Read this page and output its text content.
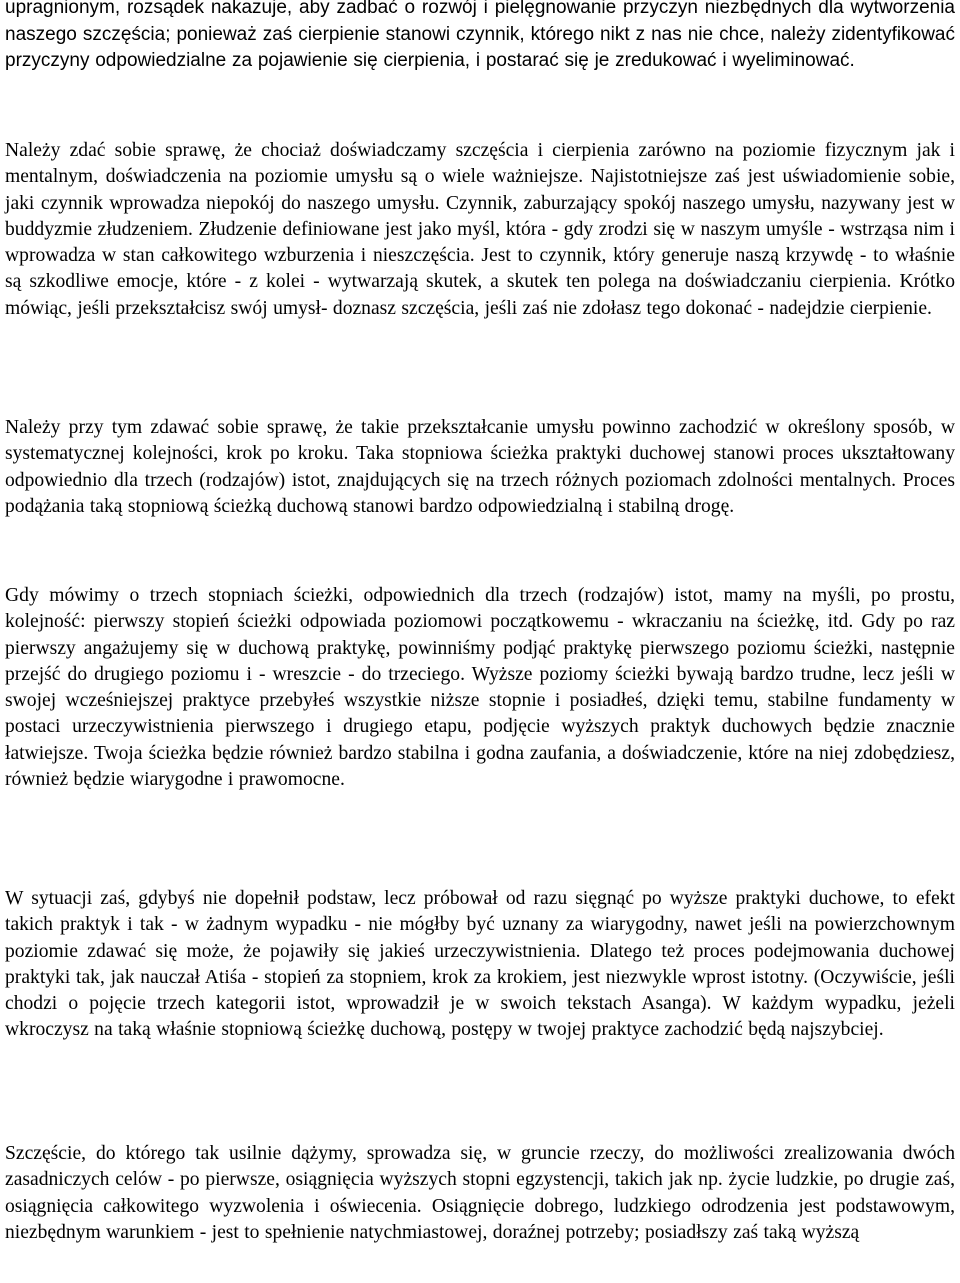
upragnionym, rozsądek nakazuje, aby zadbać o rozwój i pielęgnowanie przyczyn niezbędnych dla wytworzenia naszego szczęścia; ponieważ zaś cierpienie stanowi czynnik, którego nikt z nas nie chce, należy zidentyfikować przyczyny odpowiedzialne za pojawienie się cierpienia, i postarać się je zredukować i wyeliminować.

Należy zdać sobie sprawę, że chociaż doświadczamy szczęścia i cierpienia zarówno na poziomie fizycznym jak i mentalnym, doświadczenia na poziomie umysłu są o wiele ważniejsze. Najistotniejsze zaś jest uświadomienie sobie, jaki czynnik wprowadza niepokój do naszego umysłu. Czynnik, zaburzający spokój naszego umysłu, nazywany jest w buddyzmie złudzeniem. Złudzenie definiowane jest jako myśl, która - gdy zrodzi się w naszym umyśle - wstrząsa nim i wprowadza w stan całkowitego wzburzenia i nieszczęścia. Jest to czynnik, który generuje naszą krzywdę - to właśnie są szkodliwe emocje, które - z kolei - wytwarzają skutek, a skutek ten polega na doświadczaniu cierpienia. Krótko mówiąc, jeśli przekształcisz swój umysł- doznasz szczęścia, jeśli zaś nie zdołasz tego dokonać - nadejdzie cierpienie.

Należy przy tym zdawać sobie sprawę, że takie przekształcanie umysłu powinno zachodzić w określony sposób, w systematycznej kolejności, krok po kroku. Taka stopniowa ścieżka praktyki duchowej stanowi proces ukształtowany odpowiednio dla trzech (rodzajów) istot, znajdujących się na trzech różnych poziomach zdolności mentalnych. Proces podążania taką stopniową ścieżką duchową stanowi bardzo odpowiedzialną i stabilną drogę.

Gdy mówimy o trzech stopniach ścieżki, odpowiednich dla trzech (rodzajów) istot, mamy na myśli, po prostu, kolejność: pierwszy stopień ścieżki odpowiada poziomowi początkowemu - wkraczaniu na ścieżkę, itd. Gdy po raz pierwszy angażujemy się w duchową praktykę, powinniśmy podjąć praktykę pierwszego poziomu ścieżki, następnie przejść do drugiego poziomu i - wreszcie - do trzeciego. Wyższe poziomy ścieżki bywają bardzo trudne, lecz jeśli w swojej wcześniejszej praktyce przebyłeś wszystkie niższe stopnie i posiadłeś, dzięki temu, stabilne fundamenty w postaci urzeczywistnienia pierwszego i drugiego etapu, podjęcie wyższych praktyk duchowych będzie znacznie łatwiejsze. Twoja ścieżka będzie również bardzo stabilna i godna zaufania, a doświadczenie, które na niej zdobędziesz, również będzie wiarygodne i prawomocne.

W sytuacji zaś, gdybyś nie dopełnił podstaw, lecz próbował od razu sięgnąć po wyższe praktyki duchowe, to efekt takich praktyk i tak - w żadnym wypadku - nie mógłby być uznany za wiarygodny, nawet jeśli na powierzchownym poziomie zdawać się może, że pojawiły się jakieś urzeczywistnienia. Dlatego też proces podejmowania duchowej praktyki tak, jak nauczał Atiśa - stopień za stopniem, krok za krokiem, jest niezwykle wprost istotny. (Oczywiście, jeśli chodzi o pojęcie trzech kategorii istot, wprowadził je w swoich tekstach Asanga). W każdym wypadku, jeżeli wkroczysz na taką właśnie stopniową ścieżkę duchową, postępy w twojej praktyce zachodzić będą najszybciej.

Szczęście, do którego tak usilnie dążymy, sprowadza się, w gruncie rzeczy, do możliwości zrealizowania dwóch zasadniczych celów - po pierwsze, osiągnięcia wyższych stopni egzystencji, takich jak np. życie ludzkie, po drugie zaś, osiągnięcia całkowitego wyzwolenia i oświecenia. Osiągnięcie dobrego, ludzkiego odrodzenia jest podstawowym, niezbędnym warunkiem - jest to spełnienie natychmiastowej, doraźnej potrzeby; posiadłszy zaś taką wyższą
